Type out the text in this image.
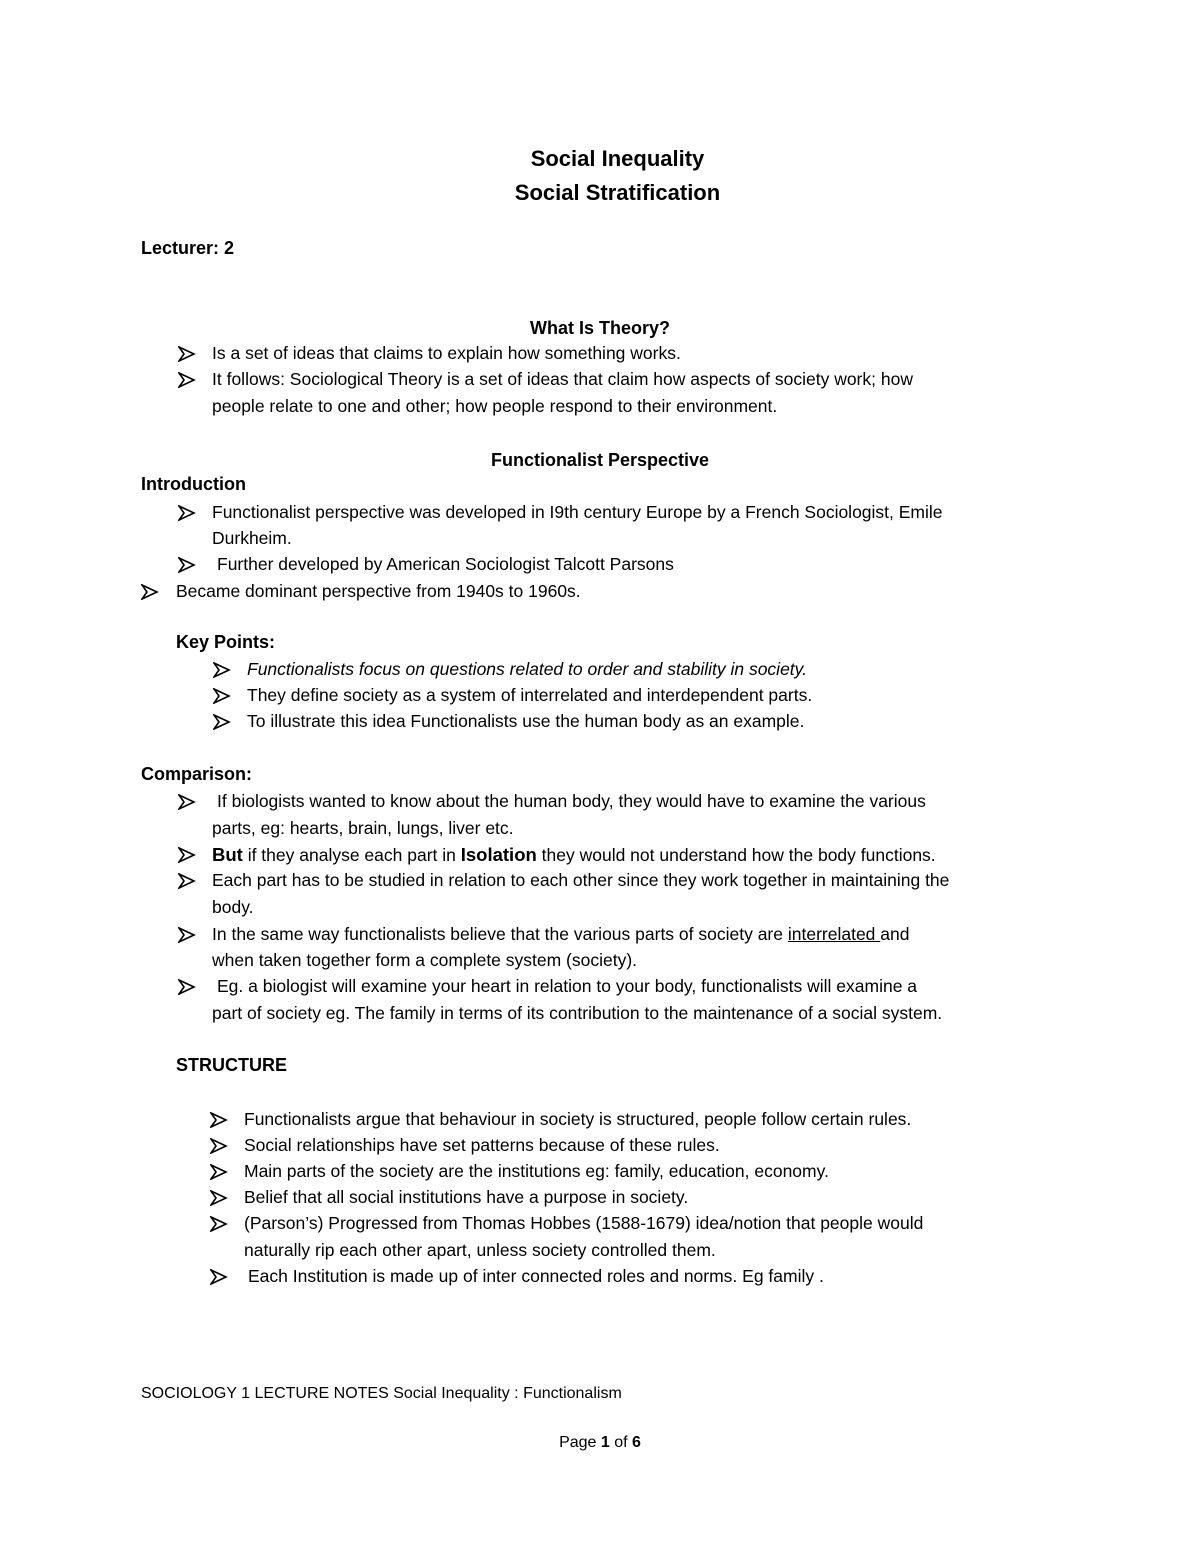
Social Inequality
Social Stratification
Lecturer: 2
What Is Theory?
Is a set of ideas that claims to explain how something works.
It follows: Sociological Theory is a set of ideas that claim how aspects of society work; how
people relate to one and other; how people respond to their environment.
Functionalist Perspective
Introduction
Functionalist perspective was developed in I9th century Europe by a French Sociologist, Emile
Durkheim.
Further developed by American Sociologist Talcott Parsons
Became dominant perspective from 1940s to 1960s.
Key Points:
Functionalists focus on questions related to order and stability in society.
They define society as a system of interrelated and interdependent parts.
To illustrate this idea Functionalists use the human body as an example.
Comparison:
If biologists wanted to know about the human body, they would have to examine the various
parts, eg: hearts, brain, lungs, liver etc.
But if they analyse each part in Isolation they would not understand how the body functions.
Each part has to be studied in relation to each other since they work together in maintaining the
body.
In the same way functionalists believe that the various parts of society are interrelated and
when taken together form a complete system (society).
Eg. a biologist will examine your heart in relation to your body, functionalists will examine a
part of society eg. The family in terms of its contribution to the maintenance of a social system.
STRUCTURE
Functionalists argue that behaviour in society is structured, people follow certain rules.
Social relationships have set patterns because of these rules.
Main parts of the society are the institutions eg: family, education, economy.
Belief that all social institutions have a purpose in society.
(Parson’s) Progressed from Thomas Hobbes (1588-1679) idea/notion that people would
naturally rip each other apart, unless society controlled them.
Each Institution is made up of inter connected roles and norms. Eg family .
SOCIOLOGY 1 LECTURE NOTES Social Inequality : Functionalism
Page 1 of 6
